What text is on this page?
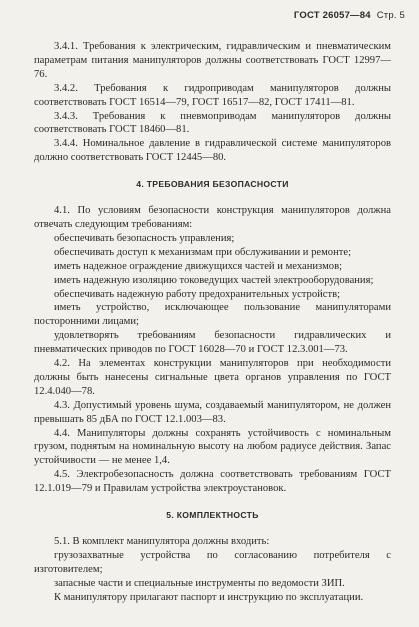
ГОСТ 26057—84 Стр. 5

3.4.1. Требования к электрическим, гидравлическим и пневматическим параметрам питания манипуляторов должны соответствовать ГОСТ 12997—76.

3.4.2. Требования к гидроприводам манипуляторов должны соответствовать ГОСТ 16514—79, ГОСТ 16517—82, ГОСТ 17411—81.

3.4.3. Требования к пневмоприводам манипуляторов должны соответствовать ГОСТ 18460—81.

3.4.4. Номинальное давление в гидравлической системе манипуляторов должно соответствовать ГОСТ 12445—80.

4. ТРЕБОВАНИЯ БЕЗОПАСНОСТИ

4.1. По условиям безопасности конструкция манипуляторов должна отвечать следующим требованиям:

обеспечивать безопасность управления;

обеспечивать доступ к механизмам при обслуживании и ремонте;

иметь надежное ограждение движущихся частей и механизмов;

иметь надежную изоляцию токоведущих частей электрооборудования;

обеспечивать надежную работу предохранительных устройств;

иметь устройство, исключающее пользование манипуляторами посторонними лицами;

удовлетворять требованиям безопасности гидравлических и пневматических приводов по ГОСТ 16028—70 и ГОСТ 12.3.001—73.

4.2. На элементах конструкции манипуляторов при необходимости должны быть нанесены сигнальные цвета органов управления по ГОСТ 12.4.040—78.

4.3. Допустимый уровень шума, создаваемый манипулятором, не должен превышать 85 дБА по ГОСТ 12.1.003—83.

4.4. Манипуляторы должны сохранять устойчивость с номинальным грузом, поднятым на номинальную высоту на любом радиусе действия. Запас устойчивости — не менее 1,4.

4.5. Электробезопасность должна соответствовать требованиям ГОСТ 12.1.019—79 и Правилам устройства электроустановок.

5. КОМПЛЕКТНОСТЬ

5.1. В комплект манипулятора должны входить:

грузозахватные устройства по согласованию потребителя с изготовителем;

запасные части и специальные инструменты по ведомости ЗИП.

К манипулятору прилагают паспорт и инструкцию по эксплуатации.
